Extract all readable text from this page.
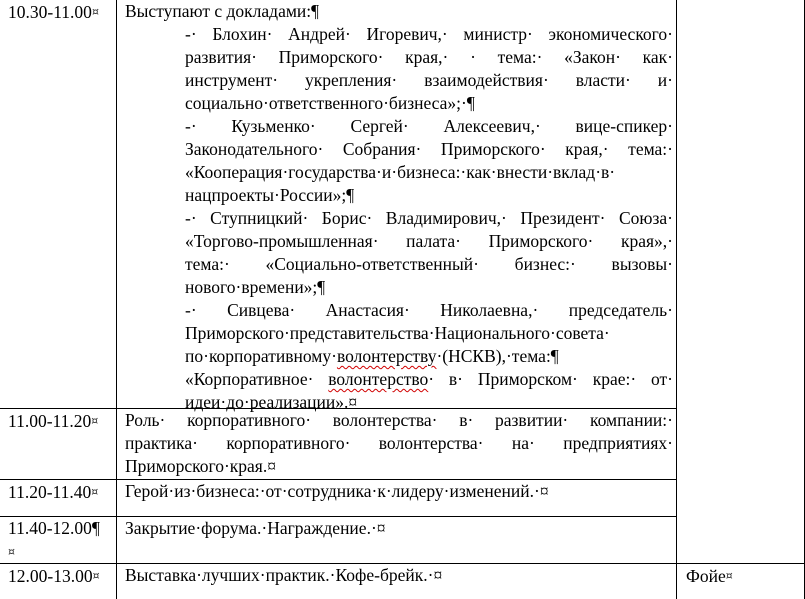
10.30-11.00¤ Выступают с докладами:¶
-· Блохин· Андрей· Игоревич,· министр· экономического·
развития· Приморского· края,· · тема:· «Закон· как·
инструмент· укрепления· взаимодействия· власти· и·
социально·ответственного·бизнеса»;·¶
-· Кузьменко· Сергей· Алексеевич,· вице-спикер·
Законодательного· Собрания· Приморского· края,· тема:·
«Кооперация·государства·и·бизнеса:·как·внести·вклад·в·
нацпроекты·России»;¶
-· Ступницкий· Борис· Владимирович,· Президент· Союза·
«Торгово-промышленная· палата· Приморского· края»,·
тема:· «Социально-ответственный· бизнес:· вызовы·
нового·времени»;¶
-· Сивцева· Анастасия· Николаевна,· председатель·
Приморского·представительства·Национального·совета·
по·корпоративному·волонтерству·(НСКВ),·тема:¶
«Корпоративное· волонтерство· в· Приморском· крае:· от·
идеи·до·реализации».¤
11.00-11.20¤ Роль· корпоративного· волонтерства· в· развитии· компании:·
практика· корпоративного· волонтерства· на· предприятиях·
Приморского·края.¤
11.20-11.40¤ Герой·из·бизнеса:·от·сотрудника·к·лидеру·изменений.·¤
11.40-12.00¶
¤
Закрытие·форума.·Награждение.·¤
12.00-13.00¤ Выставка·лучших·практик.·Кофе-брейк.·¤	Фойе¤
